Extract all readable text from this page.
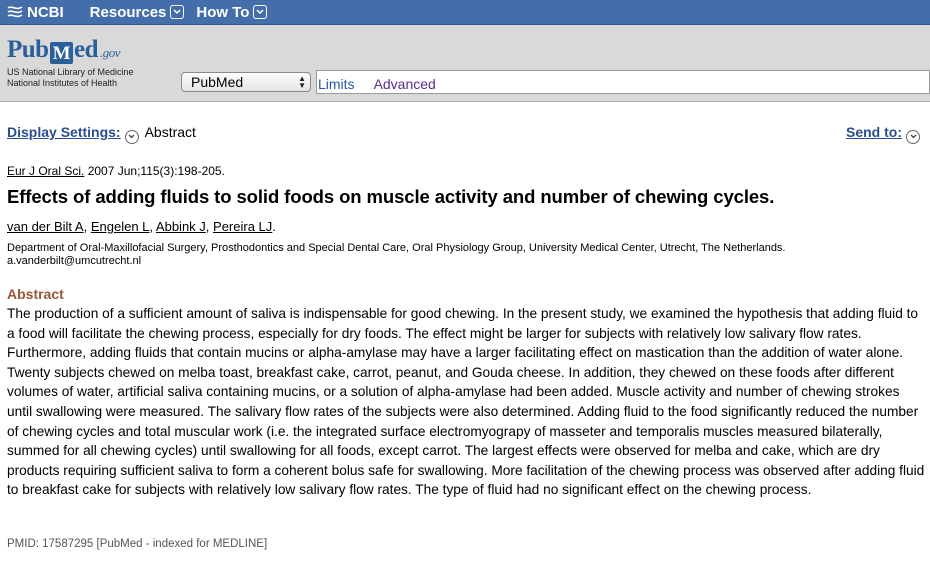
NCBI Resources How To
Pub M ed .gov
US National Library of Medicine
National Institutes of Health	PubMed	▲
▼ Limits Advanced
Display Settings: Abstract	Send to:
Eur J Oral Sci. 2007 Jun;115(3):198-205.
Effects of adding fluids to solid foods on muscle activity and number of chewing cycles.
van der Bilt A, Engelen L, Abbink J, Pereira LJ.
Department of Oral-Maxillofacial Surgery, Prosthodontics and Special Dental Care, Oral Physiology Group, University Medical Center, Utrecht, The Netherlands.
a.vanderbilt@umcutrecht.nl
Abstract
The production of a sufficient amount of saliva is indispensable for good chewing. In the present study, we examined the hypothesis that adding fluid to a food will facilitate the chewing process, especially for dry foods. The effect might be larger for subjects with relatively low salivary flow rates. Furthermore, adding fluids that contain mucins or alpha-amylase may have a larger facilitating effect on mastication than the addition of water alone. Twenty subjects chewed on melba toast, breakfast cake, carrot, peanut, and Gouda cheese. In addition, they chewed on these foods after different volumes of water, artificial saliva containing mucins, or a solution of alpha-amylase had been added. Muscle activity and number of chewing strokes until swallowing were measured. The salivary flow rates of the subjects were also determined. Adding fluid to the food significantly reduced the number of chewing cycles and total muscular work (i.e. the integrated surface electromyograpy of masseter and temporalis muscles measured bilaterally, summed for all chewing cycles) until swallowing for all foods, except carrot. The largest effects were observed for melba and cake, which are dry products requiring sufficient saliva to form a coherent bolus safe for swallowing. More facilitation of the chewing process was observed after adding fluid to breakfast cake for subjects with relatively low salivary flow rates. The type of fluid had no significant effect on the chewing process.
PMID: 17587295 [PubMed - indexed for MEDLINE]
